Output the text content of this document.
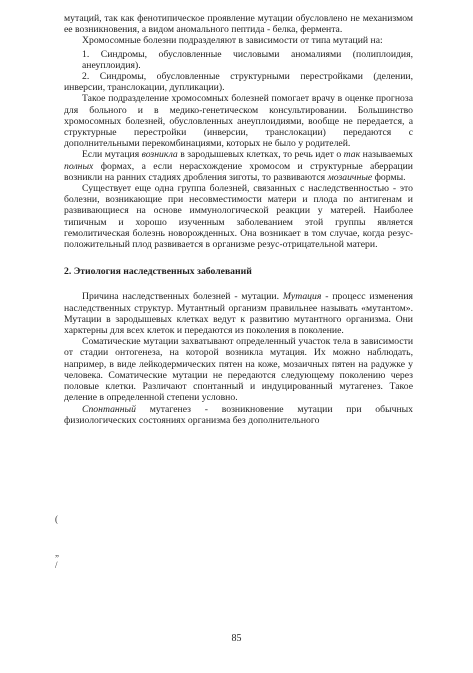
мутаций, так как фенотипическое проявление мутации обусловлено не механизмом ее возникновения, а видом аномального пептида - белка, фермента.

Хромосомные болезни подразделяют в зависимости от типа мутаций на:

1. Синдромы, обусловленные числовыми аномалиями (полиплоидия, анеуплоидия).

2. Синдромы, обусловленные структурными перестройками (делении, инверсии, транслокации, дупликации).

Такое подразделение хромосомных болезней помогает врачу в оценке прогноза для больного и в медико-генетическом консультировании. Большинство хромосомных болезней, обусловленных анеуплоидиями, вообще не передается, а структурные перестройки (инверсии, транслокации) передаются с дополнительными перекомбинациями, которых не было у родителей.

Если мутация возникла в зародышевых клетках, то речь идет о так называемых полных формах, а если нерасхождение хромосом и структурные аберрации возникли на ранних стадиях дробления зиготы, то развиваются мозаичные формы.

Существует еще одна группа болезней, связанных с наследственностью - это болезни, возникающие при несовместимости матери и плода по антигенам и развивающиеся на основе иммунологической реакции у матерей. Наиболее типичным и хорошо изученным заболеванием этой группы является гемолитическая болезнь новорожденных. Она возникает в том случае, когда резус-положительный плод развивается в организме резус-отрицательной матери.

2. Этиология наследственных заболеваний

Причина наследственных болезней - мутации. Мутация - процесс изменения наследственных структур. Мутантный организм правильнее называть «мутантом». Мутации в зародышевых клетках ведут к развитию мутантного организма. Они харктерны для всех клеток и передаются из поколения в поколение.

Соматические мутации захватывают определенный участок тела в зависимости от стадии онтогенеза, на которой возникла мутация. Их можно наблюдать, например, в виде лейкодермических пятен на коже, мозаичных пятен на радужке у человека. Соматические мутации не передаются следующему поколению через половые клетки. Различают спонтанный и индуцированный мутагенез. Такое деление в определенной степени условно.

Спонтанный мутагенез - возникновение мутации при обычных физиологических состояниях организма без дополнительного

(
„
/
85
